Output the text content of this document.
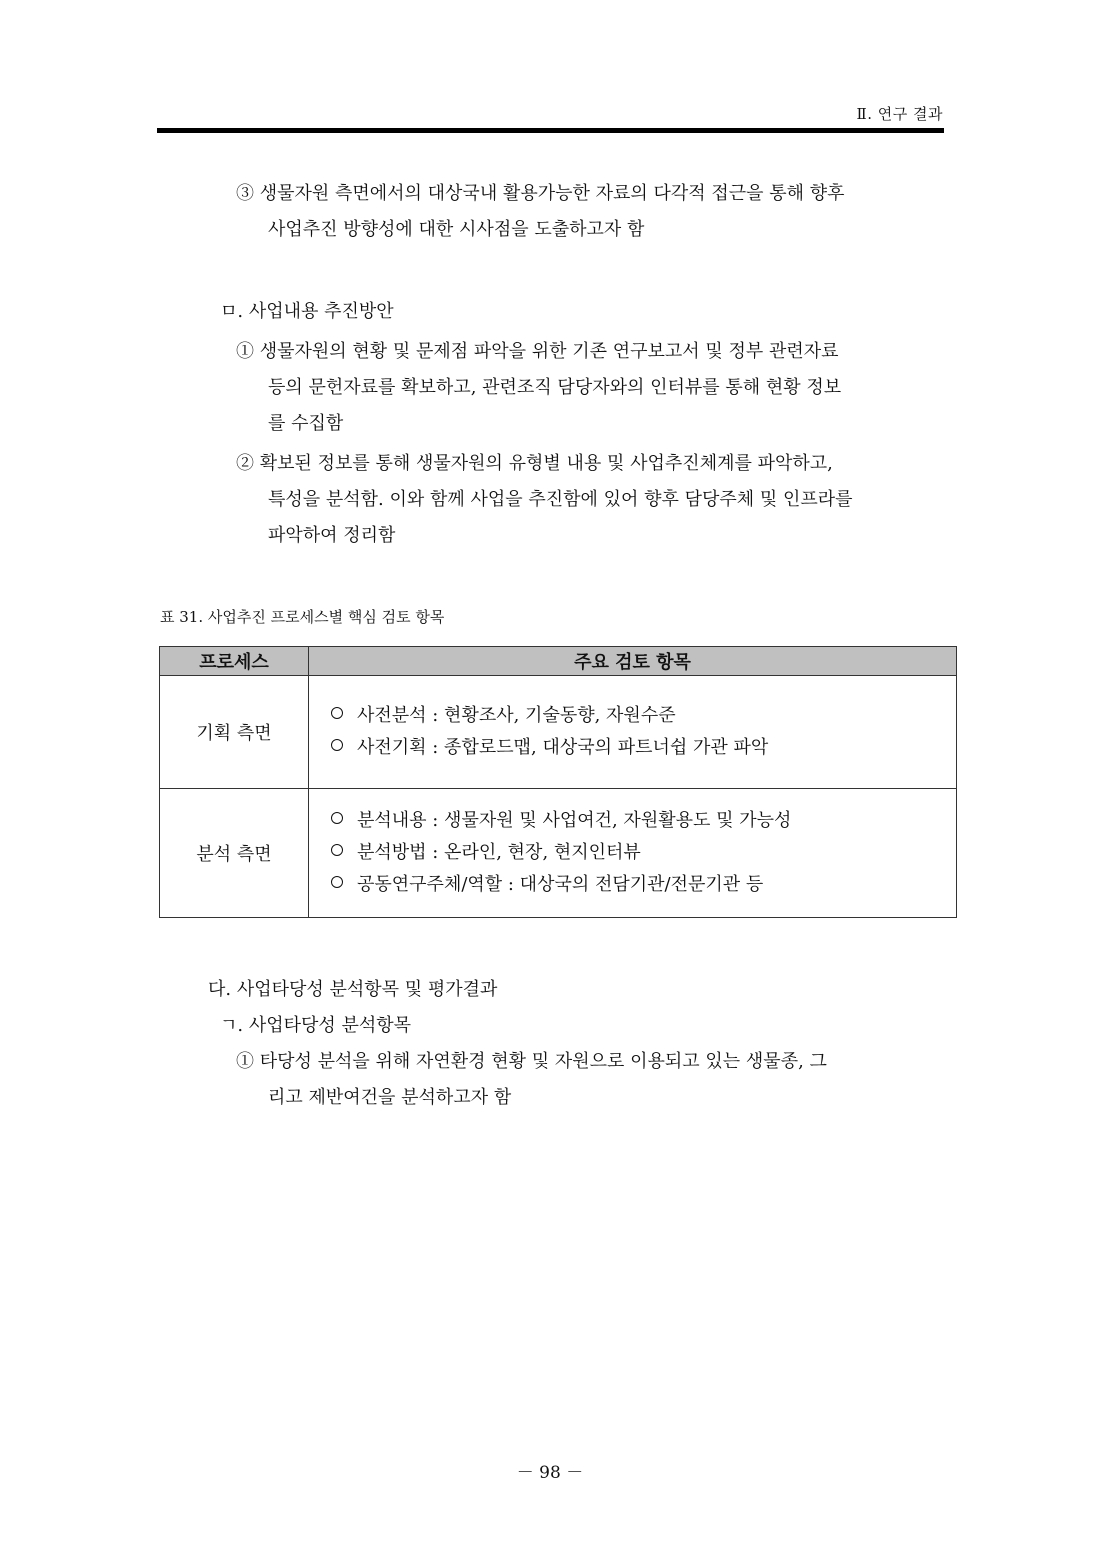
Ⅱ. 연구 결과
③ 생물자원 측면에서의 대상국내 활용가능한 자료의 다각적 접근을 통해 향후
사업추진 방향성에 대한 시사점을 도출하고자 함
ㅁ. 사업내용 추진방안
① 생물자원의 현황 및 문제점 파악을 위한 기존 연구보고서 및 정부 관련자료
등의 문헌자료를 확보하고, 관련조직 담당자와의 인터뷰를 통해 현황 정보
를 수집함
② 확보된 정보를 통해 생물자원의 유형별 내용 및 사업추진체계를 파악하고,
특성을 분석함. 이와 함께 사업을 추진함에 있어 향후 담당주체 및 인프라를
파악하여 정리함
표 31. 사업추진 프로세스별 핵심 검토 항목
프로세스	주요 검토 항목
기획 측면	사전분석 : 현황조사, 기술동향, 자원수준
사전기획 : 종합로드맵, 대상국의 파트너쉽 가관 파악

분석 측면	분석내용 : 생물자원 및 사업여건, 자원활용도 및 가능성
분석방법 : 온라인, 현장, 현지인터뷰
공동연구주체/역할 : 대상국의 전담기관/전문기관 등
다. 사업타당성 분석항목 및 평가결과
ㄱ. 사업타당성 분석항목
① 타당성 분석을 위해 자연환경 현황 및 자원으로 이용되고 있는 생물종, 그
리고 제반여건을 분석하고자 함
－ 98 －
